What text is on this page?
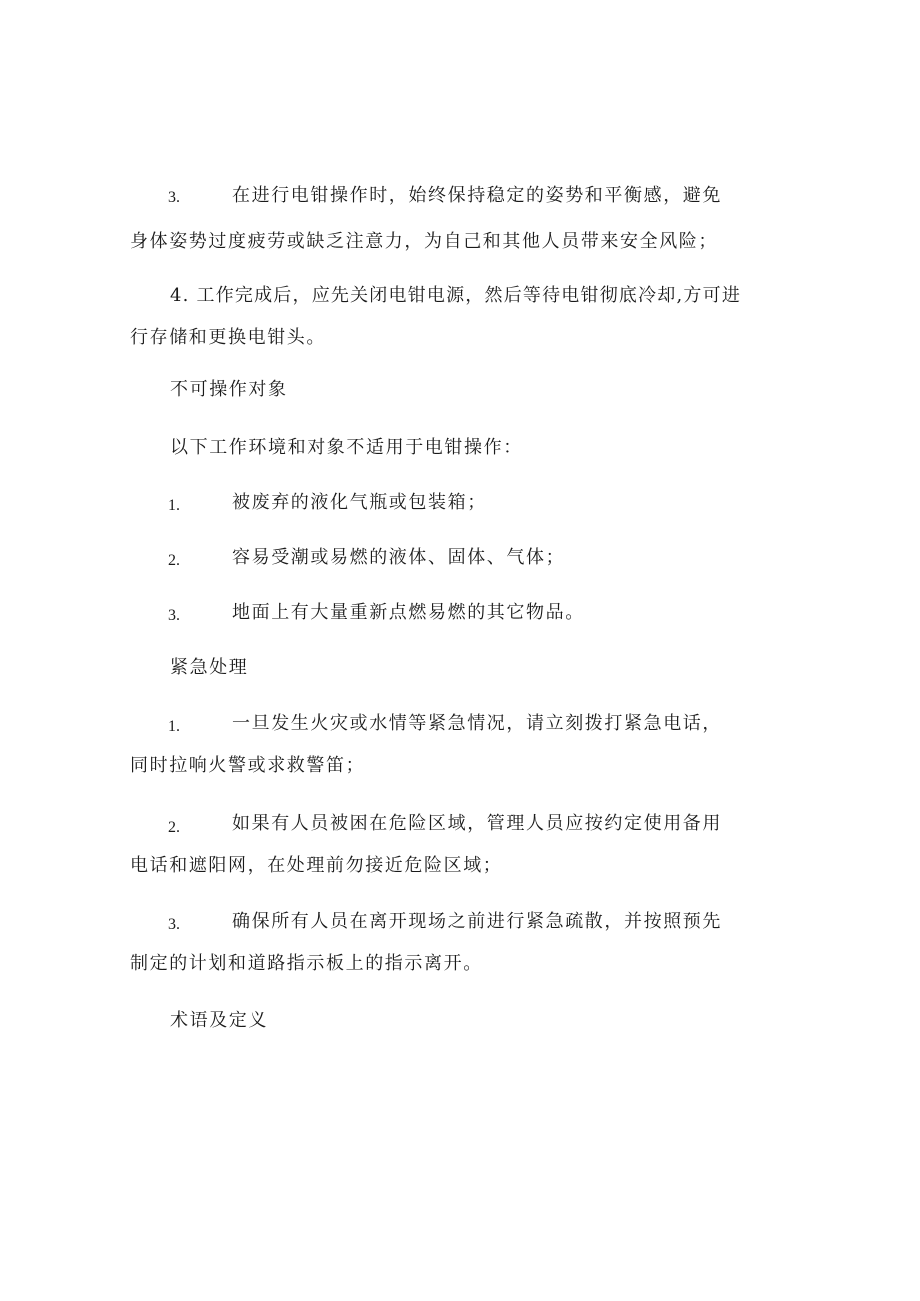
3.	在进行电钳操作时，始终保持稳定的姿势和平衡感，避免
身体姿势过度疲劳或缺乏注意力，为自己和其他人员带来安全风险；
4. 工作完成后，应先关闭电钳电源，然后等待电钳彻底冷却,方可进
行存储和更换电钳头。
不可操作对象
以下工作环境和对象不适用于电钳操作：
1.	被废弃的液化气瓶或包装箱；
2.	容易受潮或易燃的液体、固体、气体；
3.	地面上有大量重新点燃易燃的其它物品。
紧急处理
1.	一旦发生火灾或水情等紧急情况，请立刻拨打紧急电话，
同时拉响火警或求救警笛；
2.	如果有人员被困在危险区域，管理人员应按约定使用备用
电话和遮阳网，在处理前勿接近危险区域；
3.	确保所有人员在离开现场之前进行紧急疏散，并按照预先
制定的计划和道路指示板上的指示离开。
术语及定义
